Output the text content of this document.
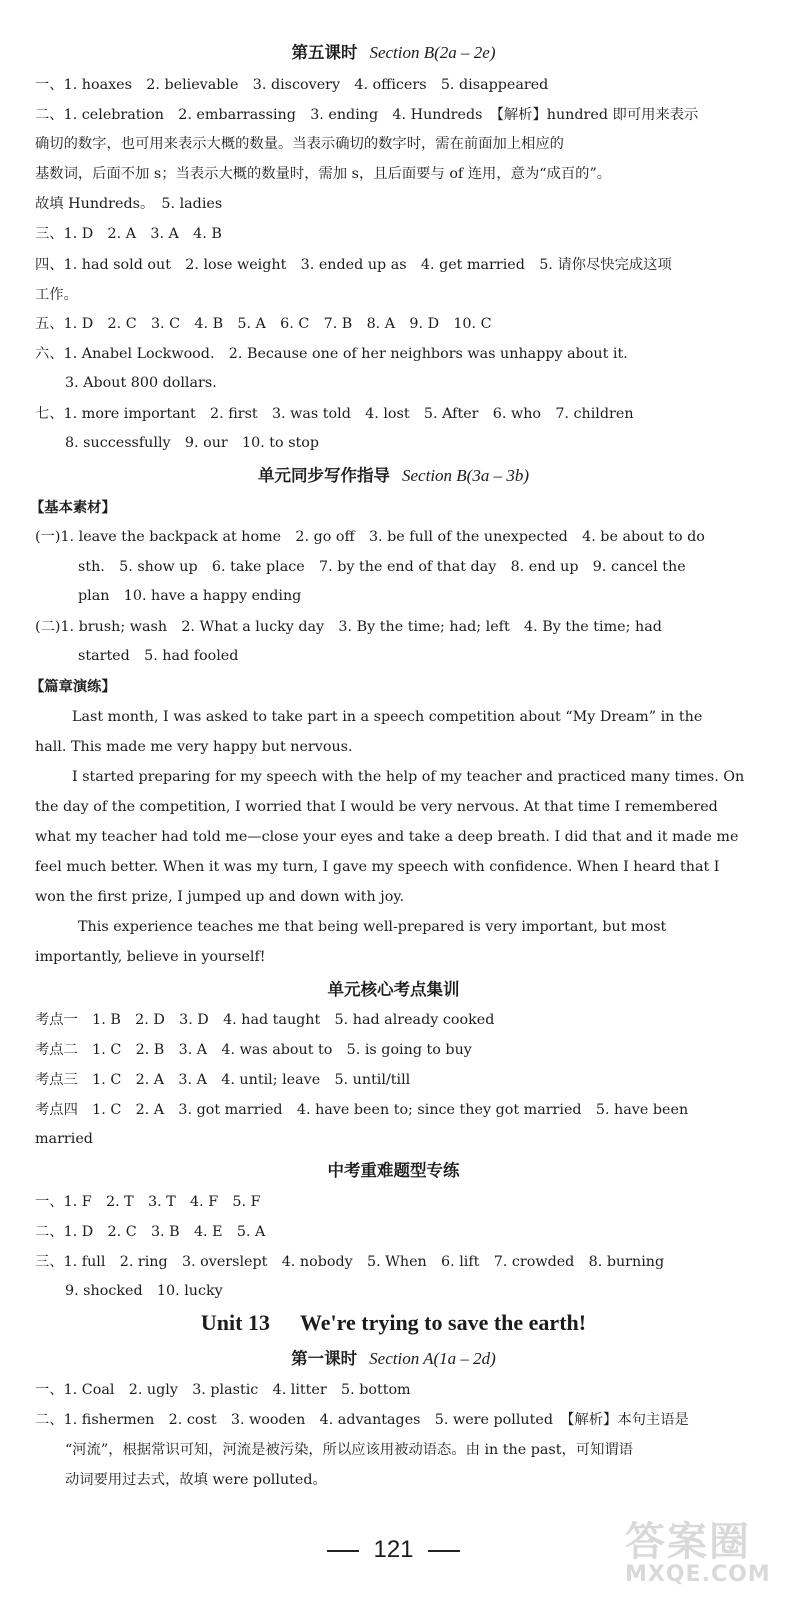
第五课时 Section B(2a – 2e)
一、1. hoaxes　2. believable　3. discovery　4. officers　5. disappeared
二、1. celebration　2. embarrassing　3. ending　4. Hundreds　【解析】hundred 即可用来表示
确切的数字，也可用来表示大概的数量。当表示确切的数字时，需在前面加上相应的
基数词，后面不加 s；当表示大概的数量时，需加 s，且后面要与 of 连用，意为“成百的”。
故填 Hundreds。　5. ladies
三、1. D　2. A　3. A　4. B
四、1. had sold out　2. lose weight　3. ended up as　4. get married　5. 请你尽快完成这项
工作。
五、1. D　2. C　3. C　4. B　5. A　6. C　7. B　8. A　9. D　10. C
六、1. Anabel Lockwood.　2. Because one of her neighbors was unhappy about it.
3. About 800 dollars.
七、1. more important　2. first　3. was told　4. lost　5. After　6. who　7. children
8. successfully　9. our　10. to stop
单元同步写作指导 Section B(3a – 3b)
【基本素材】
(一)1. leave the backpack at home　2. go off　3. be full of the unexpected　4. be about to do
sth.　5. show up　6. take place　7. by the end of that day　8. end up　9. cancel the
plan　10. have a happy ending
(二)1. brush; wash　2. What a lucky day　3. By the time; had; left　4. By the time; had
started　5. had fooled
【篇章演练】
Last month, I was asked to take part in a speech competition about “My Dream” in the
hall. This made me very happy but nervous.
I started preparing for my speech with the help of my teacher and practiced many times. On
the day of the competition, I worried that I would be very nervous. At that time I remembered
what my teacher had told me—close your eyes and take a deep breath. I did that and it made me
feel much better. When it was my turn, I gave my speech with confidence. When I heard that I
won the first prize, I jumped up and down with joy.
This experience teaches me that being well-prepared is very important, but most
importantly, believe in yourself!
单元核心考点集训
考点一　1. B　2. D　3. D　4. had taught　5. had already cooked
考点二　1. C　2. B　3. A　4. was about to　5. is going to buy
考点三　1. C　2. A　3. A　4. until; leave　5. until/till
考点四　1. C　2. A　3. got married　4. have been to; since they got married　5. have been
married
中考重难题型专练
一、1. F　2. T　3. T　4. F　5. F
二、1. D　2. C　3. B　4. E　5. A
三、1. full　2. ring　3. overslept　4. nobody　5. When　6. lift　7. crowded　8. burning
9. shocked　10. lucky
Unit 13 We're trying to save the earth!
第一课时 Section A(1a – 2d)
一、1. Coal　2. ugly　3. plastic　4. litter　5. bottom
二、1. fishermen　2. cost　3. wooden　4. advantages　5. were polluted　【解析】本句主语是
“河流”，根据常识可知，河流是被污染，所以应该用被动语态。由 in the past，可知谓语
动词要用过去式，故填 were polluted。
121	答案圈
MXQE.COM
